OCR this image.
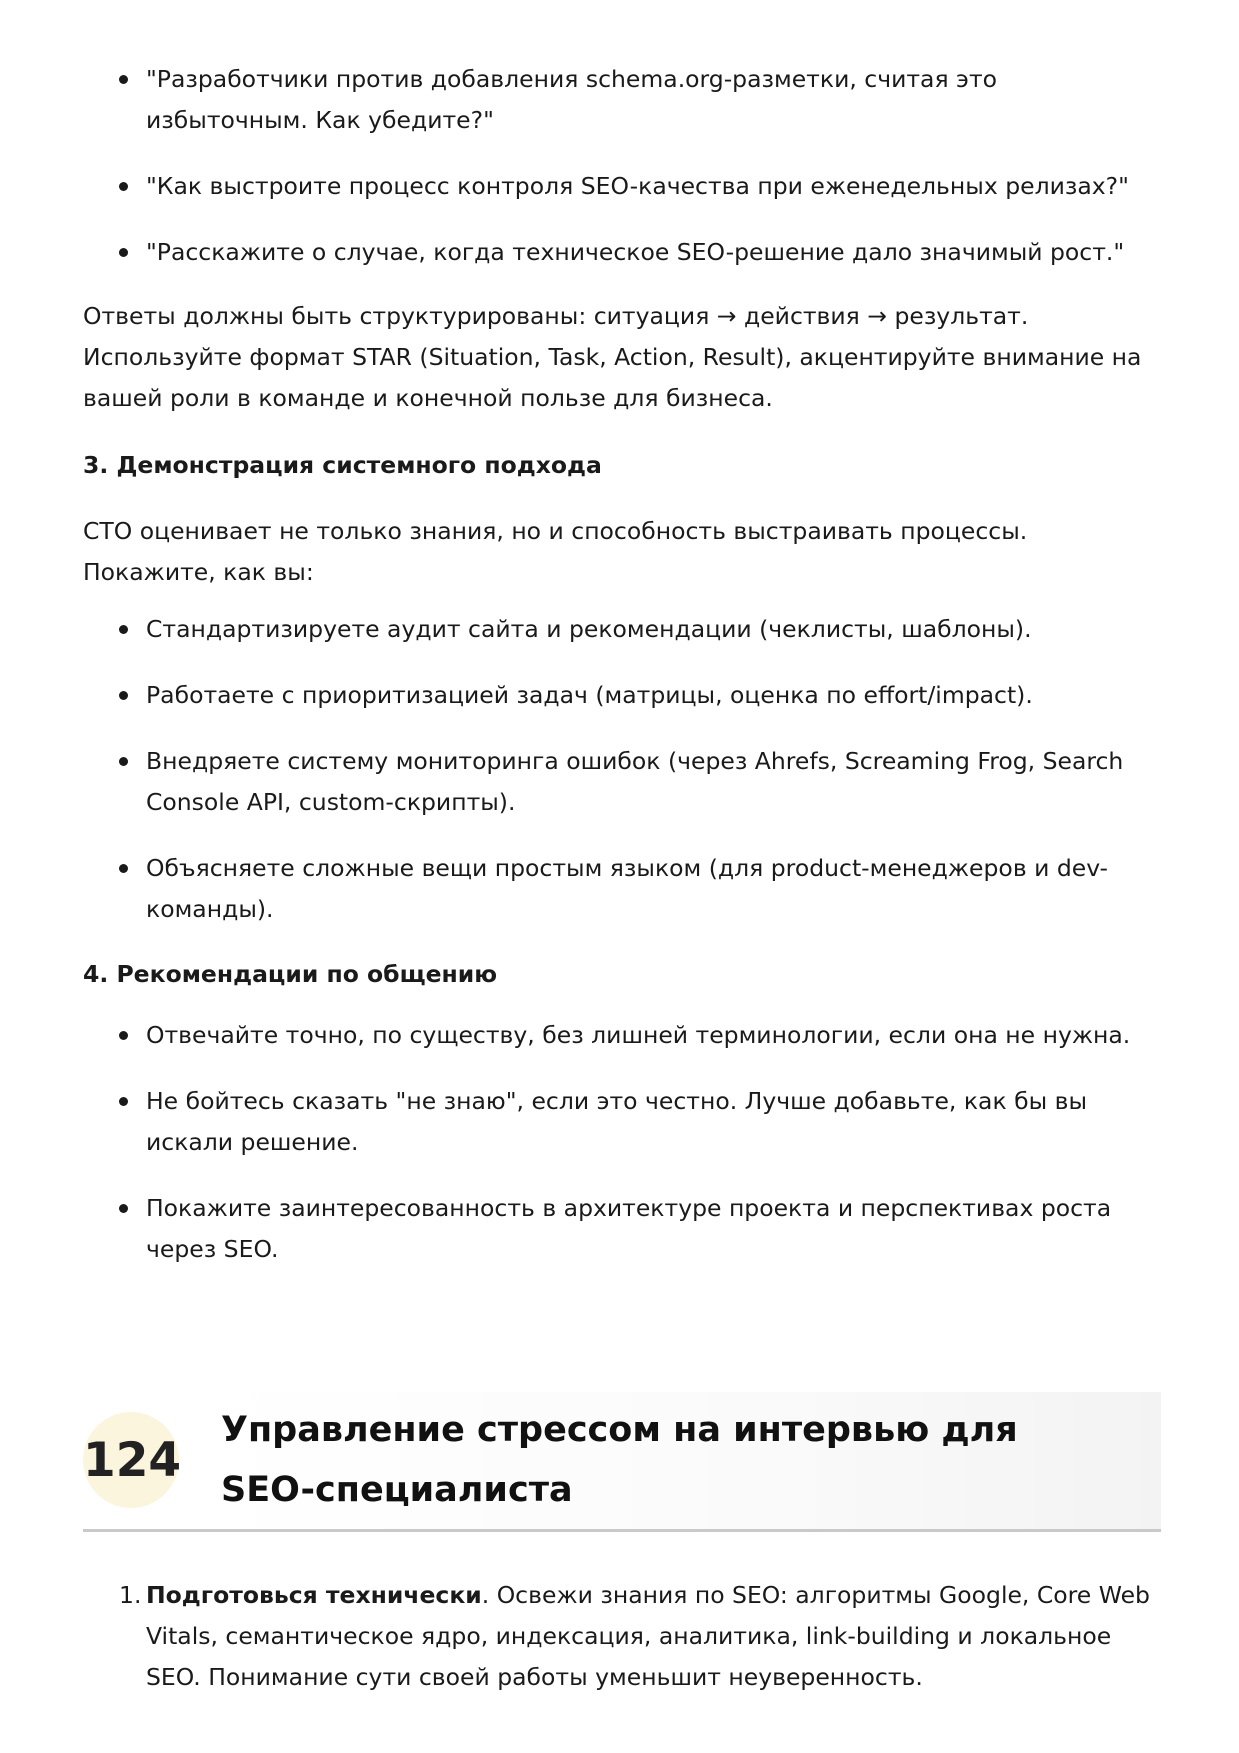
"Разработчики против добавления schema.org-разметки, считая это избыточным. Как убедите?"
"Как выстроите процесс контроля SEO-качества при еженедельных релизах?"
"Расскажите о случае, когда техническое SEO-решение дало значимый рост."

Ответы должны быть структурированы: ситуация → действия → результат. Используйте формат STAR (Situation, Task, Action, Result), акцентируйте внимание на вашей роли в команде и конечной пользе для бизнеса.

3. Демонстрация системного подхода

CTO оценивает не только знания, но и способность выстраивать процессы. Покажите, как вы:

Стандартизируете аудит сайта и рекомендации (чеклисты, шаблоны).
Работаете с приоритизацией задач (матрицы, оценка по effort/impact).
Внедряете систему мониторинга ошибок (через Ahrefs, Screaming Frog, Search Console API, custom-скрипты).
Объясняете сложные вещи простым языком (для product-менеджеров и dev-команды).

4. Рекомендации по общению

Отвечайте точно, по существу, без лишней терминологии, если она не нужна.
Не бойтесь сказать "не знаю", если это честно. Лучше добавьте, как бы вы искали решение.
Покажите заинтересованность в архитектуре проекта и перспективах роста через SEO.
124
Управление стрессом на интервью для SEO-специалиста
1. Подготовься технически. Освежи знания по SEO: алгоритмы Google, Core Web Vitals, семантическое ядро, индексация, аналитика, link-building и локальное SEO. Понимание сути своей работы уменьшит неуверенность.
